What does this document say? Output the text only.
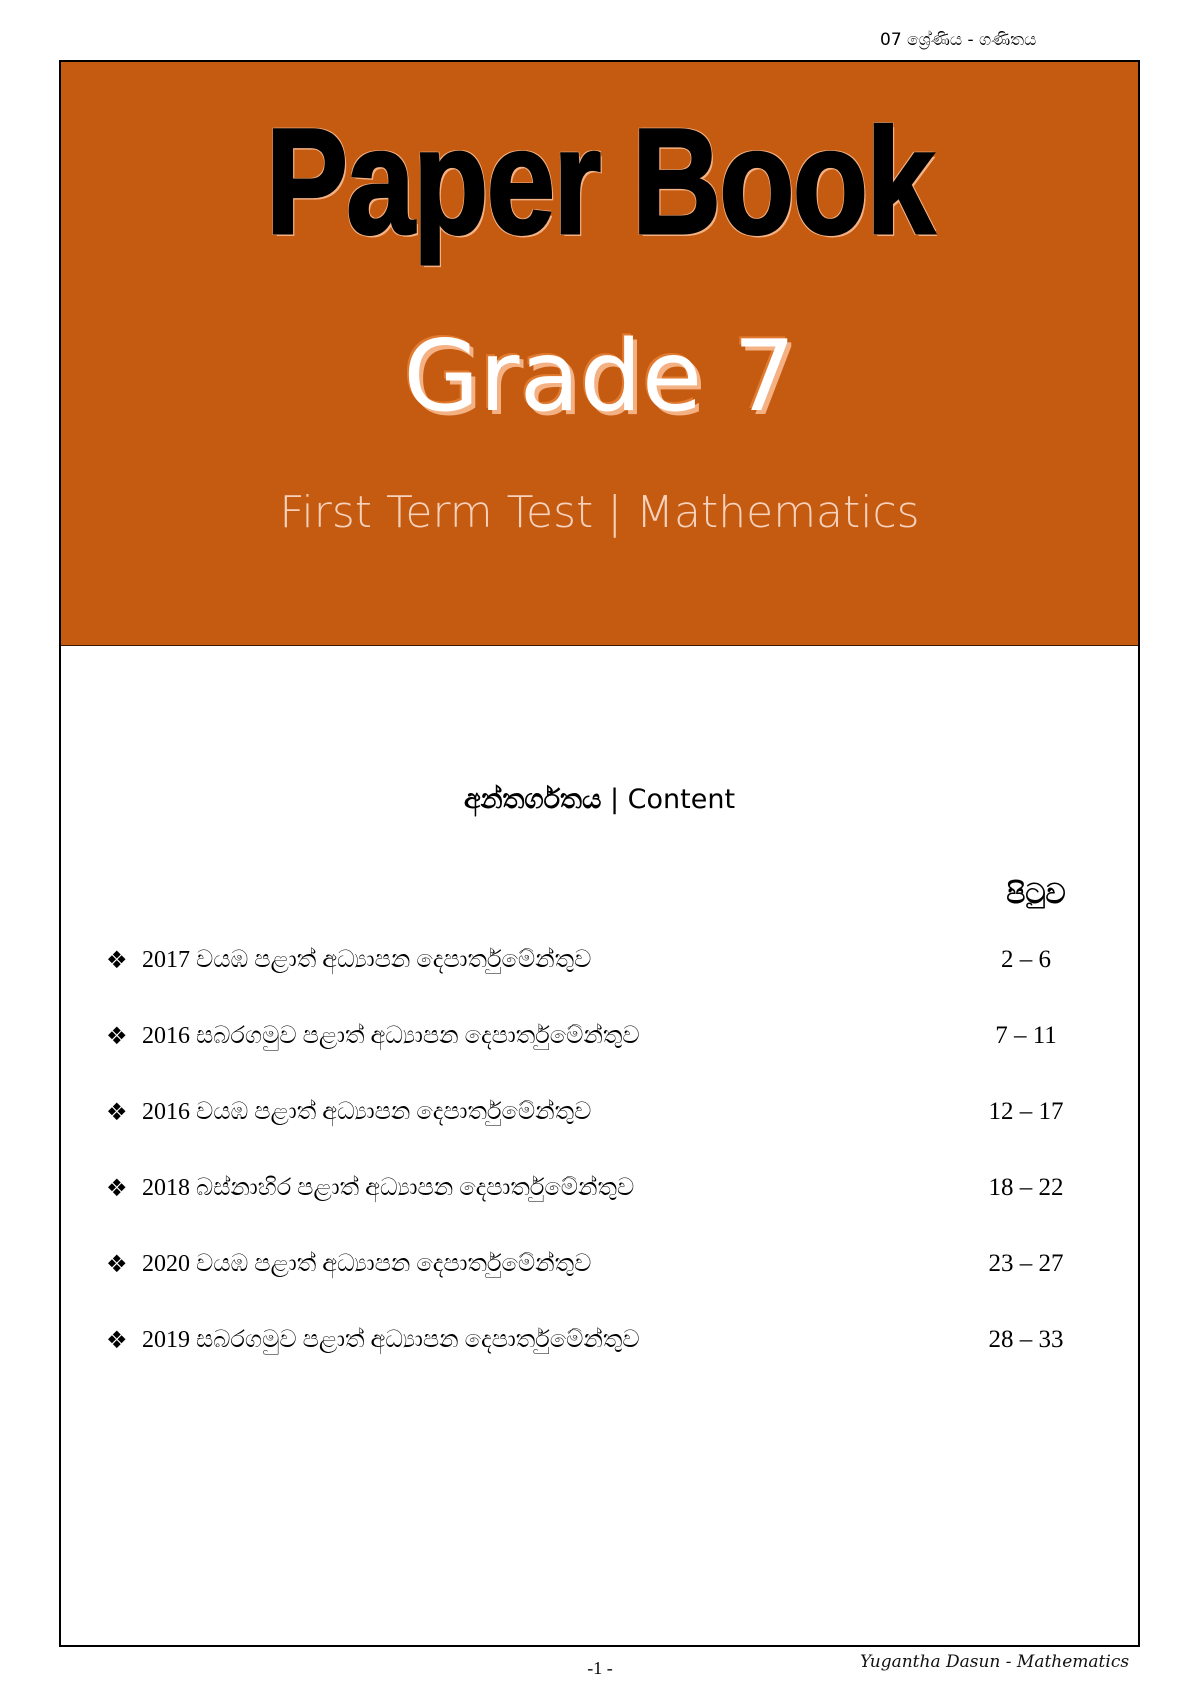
07 ශ්‍රේණිය - ගණිතය
Paper Book
Grade 7
First Term Test | Mathematics
අන්තර්ගතය | Content
පිටුව
❖ 2017 වයඹ පළාත් අධ්‍යාපන දෙපාර්තුමේන්තුව	2 – 6
❖ 2016 සබරගමුව පළාත් අධ්‍යාපන දෙපාර්තුමේන්තුව	7 – 11
❖ 2016 වයඹ පළාත් අධ්‍යාපන දෙපාර්තුමේන්තුව	12 – 17
❖ 2018 බස්නාහිර පළාත් අධ්‍යාපන දෙපාර්තුමේන්තුව	18 – 22
❖ 2020 වයඹ පළාත් අධ්‍යාපන දෙපාර්තුමේන්තුව	23 – 27
❖ 2019 සබරගමුව පළාත් අධ්‍යාපන දෙපාර්තුමේන්තුව	28 – 33
-1 -	Yugantha Dasun - Mathematics
